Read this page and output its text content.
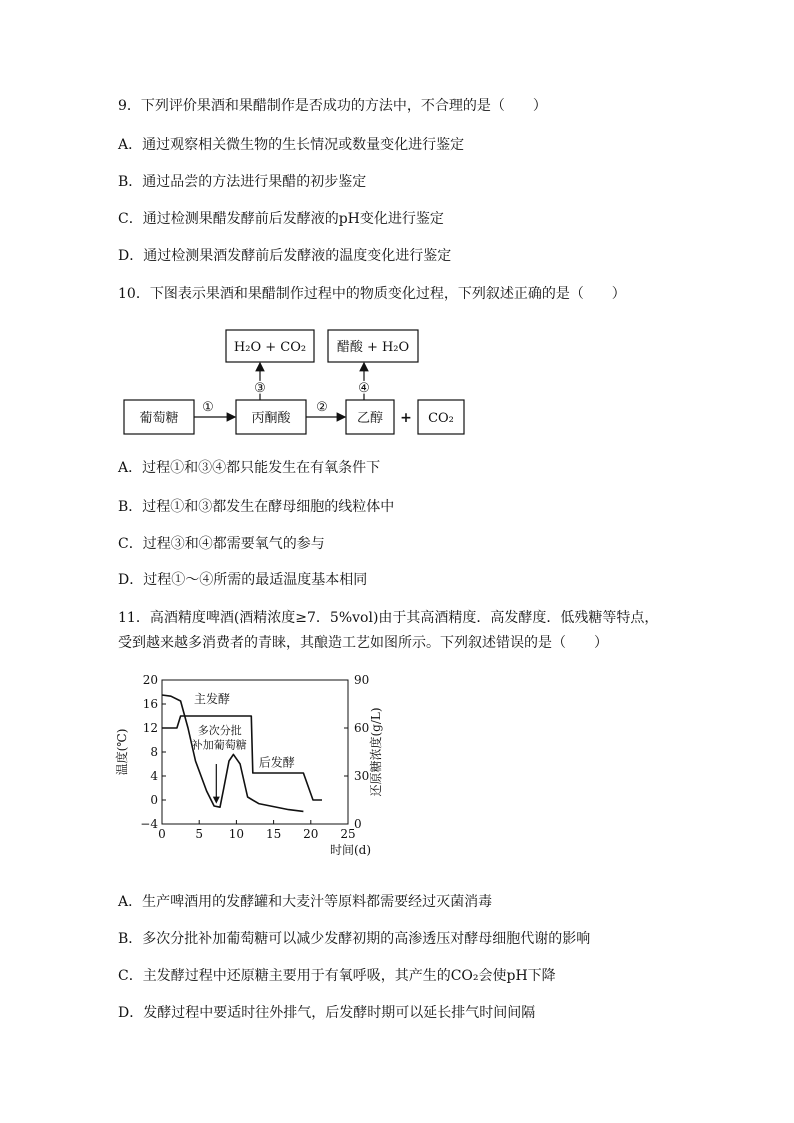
9．下列评价果酒和果醋制作是否成功的方法中，不合理的是（　　）
A．通过观察相关微生物的生长情况或数量变化进行鉴定
B．通过品尝的方法进行果醋的初步鉴定
C．通过检测果醋发酵前后发酵液的pH变化进行鉴定
D．通过检测果酒发酵前后发酵液的温度变化进行鉴定
10．下图表示果酒和果醋制作过程中的物质变化过程，下列叙述正确的是（　　）
H₂O + CO₂ 醋酸 + H₂O
葡萄糖	丙酮酸	乙醇 + CO₂
①	②
③	④
A．过程①和③④都只能发生在有氧条件下
B．过程①和③都发生在酵母细胞的线粒体中
C．过程③和④都需要氧气的参与
D．过程①～④所需的最适温度基本相同
11．高酒精度啤酒(酒精浓度≥7．5%vol)由于其高酒精度．高发酵度．低残糖等特点，
受到越来越多消费者的青睐，其酿造工艺如图所示。下列叙述错误的是（　　）
0 5 10 15 20 25
20
16
12
8
4
0
−4
90
60
30
0
时间(d)
温度(℃)	还原糖浓度(g/L)
主发酵
多次分批
补加葡萄糖
后发酵
A．生产啤酒用的发酵罐和大麦汁等原料都需要经过灭菌消毒
B．多次分批补加葡萄糖可以减少发酵初期的高渗透压对酵母细胞代谢的影响
C．主发酵过程中还原糖主要用于有氧呼吸，其产生的CO₂会使pH下降
D．发酵过程中要适时往外排气，后发酵时期可以延长排气时间间隔
